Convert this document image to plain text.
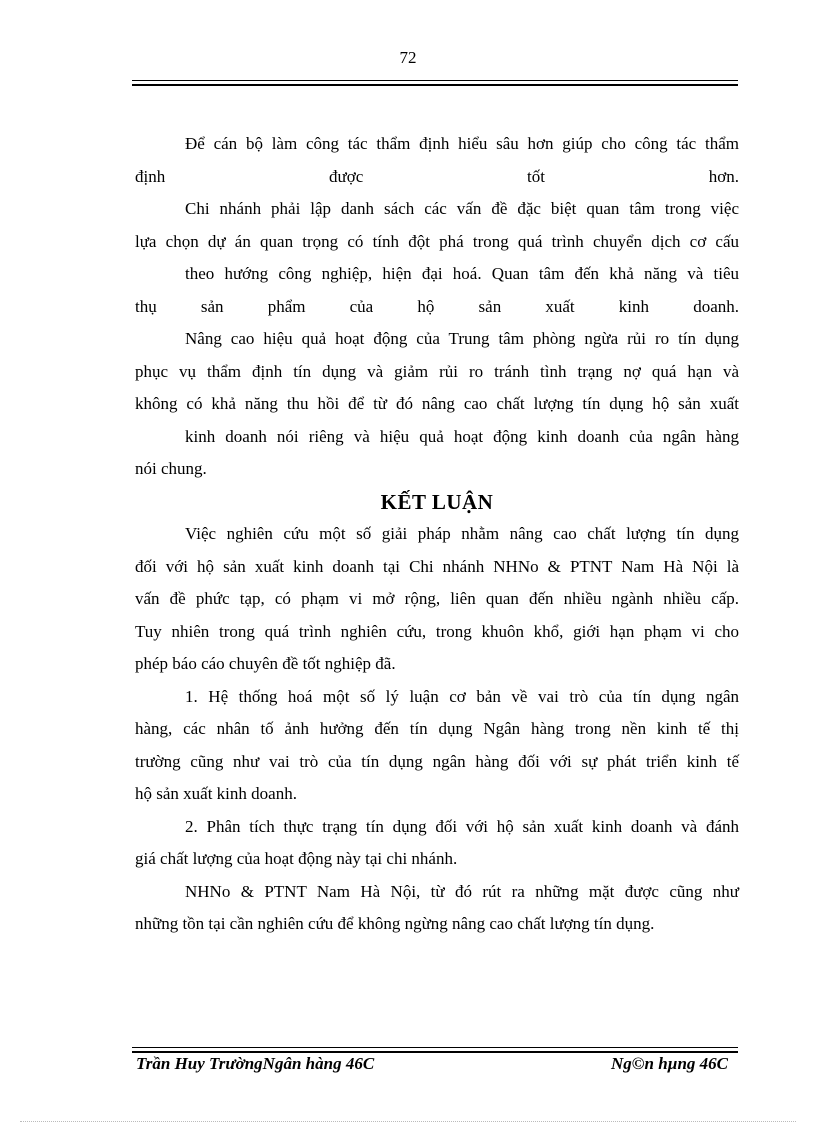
72
Để cán bộ làm công tác thẩm định hiểu sâu hơn giúp cho công tác thẩm
định được tốt hơn.
Chi nhánh phải lập danh sách các vấn đề đặc biệt quan tâm trong việc
lựa chọn dự án quan trọng có tính đột phá trong quá trình chuyển dịch cơ cấu
theo hướng công nghiệp, hiện đại hoá. Quan tâm đến khả năng và tiêu
thụ sản phẩm của hộ sản xuất kinh doanh.
Nâng cao hiệu quả hoạt động của Trung tâm phòng ngừa rủi ro tín dụng
phục vụ thẩm định tín dụng và giảm rủi ro tránh tình trạng nợ quá hạn và
không có khả năng thu hồi để từ đó nâng cao chất lượng tín dụng hộ sản xuất
kinh doanh nói riêng và hiệu quả hoạt động kinh doanh của ngân hàng
nói chung.
KẾT LUẬN
Việc nghiên cứu một số giải pháp nhằm nâng cao chất lượng tín dụng
đối với hộ sản xuất kinh doanh tại Chi nhánh NHNo & PTNT Nam Hà Nội là
vấn đề phức tạp, có phạm vi mở rộng, liên quan đến nhiều ngành nhiều cấp.
Tuy nhiên trong quá trình nghiên cứu, trong khuôn khổ, giới hạn phạm vi cho
phép báo cáo chuyên đề tốt nghiệp đã.
1. Hệ thống hoá một số lý luận cơ bản về vai trò của tín dụng ngân
hàng, các nhân tố ảnh hưởng đến tín dụng Ngân hàng trong nền kinh tế thị
trường cũng như vai trò của tín dụng ngân hàng đối với sự phát triển kinh tế
hộ sản xuất kinh doanh.
2. Phân tích thực trạng tín dụng đối với hộ sản xuất kinh doanh và đánh
giá chất lượng của hoạt động này tại chi nhánh.
NHNo & PTNT Nam Hà Nội, từ đó rút ra những mặt được cũng như
những tồn tại cần nghiên cứu để không ngừng nâng cao chất lượng tín dụng.
Trần Huy TrườngNgân hàng 46C	Ng©n hµng 46C
